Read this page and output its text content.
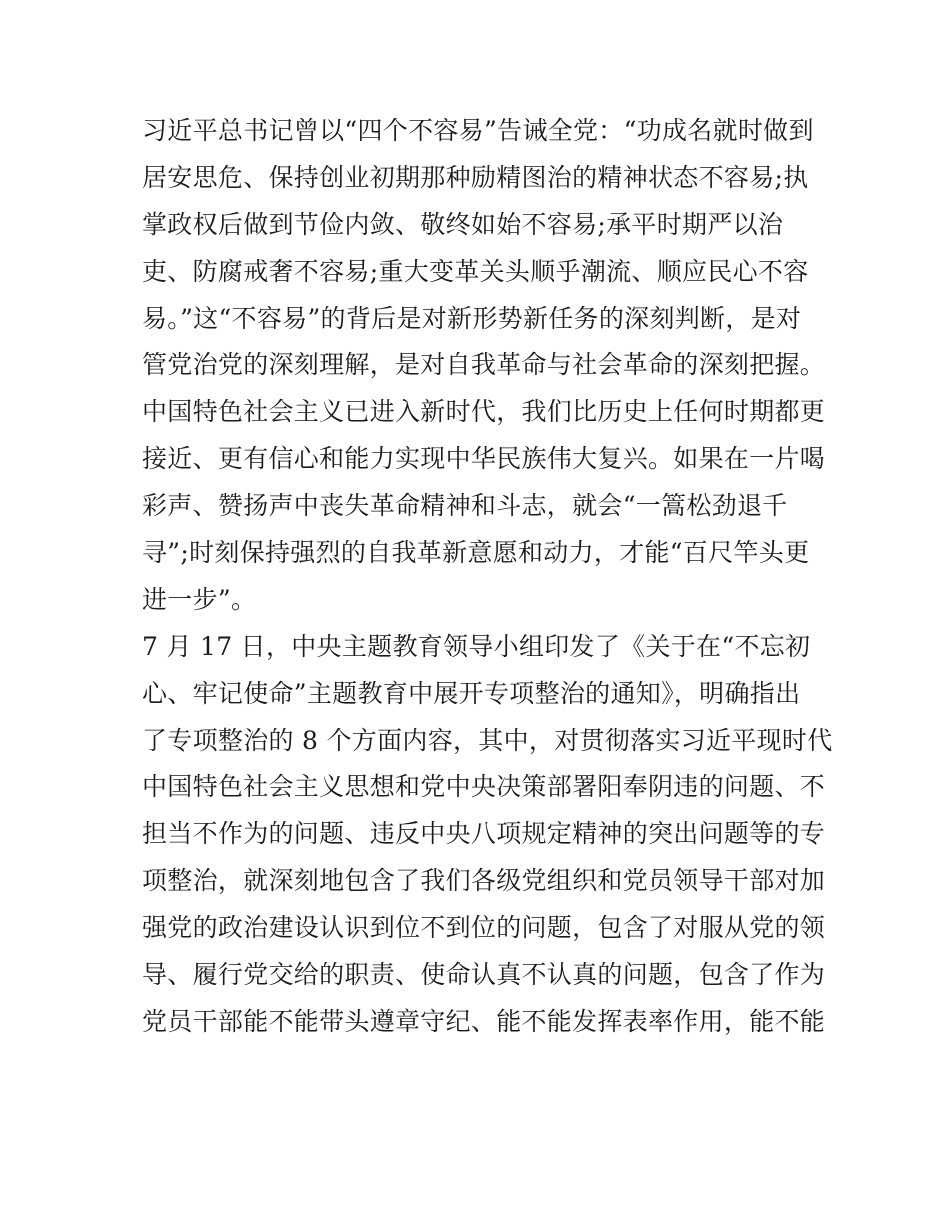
习近平总书记曾以“四个不容易”告诫全党：“功成名就时做到
居安思危、保持创业初期那种励精图治的精神状态不容易;执
掌政权后做到节俭内敛、敬终如始不容易;承平时期严以治
吏、防腐戒奢不容易;重大变革关头顺乎潮流、顺应民心不容
易。”这“不容易”的背后是对新形势新任务的深刻判断，是对
管党治党的深刻理解，是对自我革命与社会革命的深刻把握。
中国特色社会主义已进入新时代，我们比历史上任何时期都更
接近、更有信心和能力实现中华民族伟大复兴。如果在一片喝
彩声、赞扬声中丧失革命精神和斗志，就会“一篙松劲退千
寻”;时刻保持强烈的自我革新意愿和动力，才能“百尺竿头更
进一步”。
7 月 17 日，中央主题教育领导小组印发了《关于在“不忘初
心、牢记使命”主题教育中展开专项整治的通知》，明确指出
了专项整治的 8 个方面内容，其中，对贯彻落实习近平现时代
中国特色社会主义思想和党中央决策部署阳奉阴违的问题、不
担当不作为的问题、违反中央八项规定精神的突出问题等的专
项整治，就深刻地包含了我们各级党组织和党员领导干部对加
强党的政治建设认识到位不到位的问题，包含了对服从党的领
导、履行党交给的职责、使命认真不认真的问题，包含了作为
党员干部能不能带头遵章守纪、能不能发挥表率作用，能不能
